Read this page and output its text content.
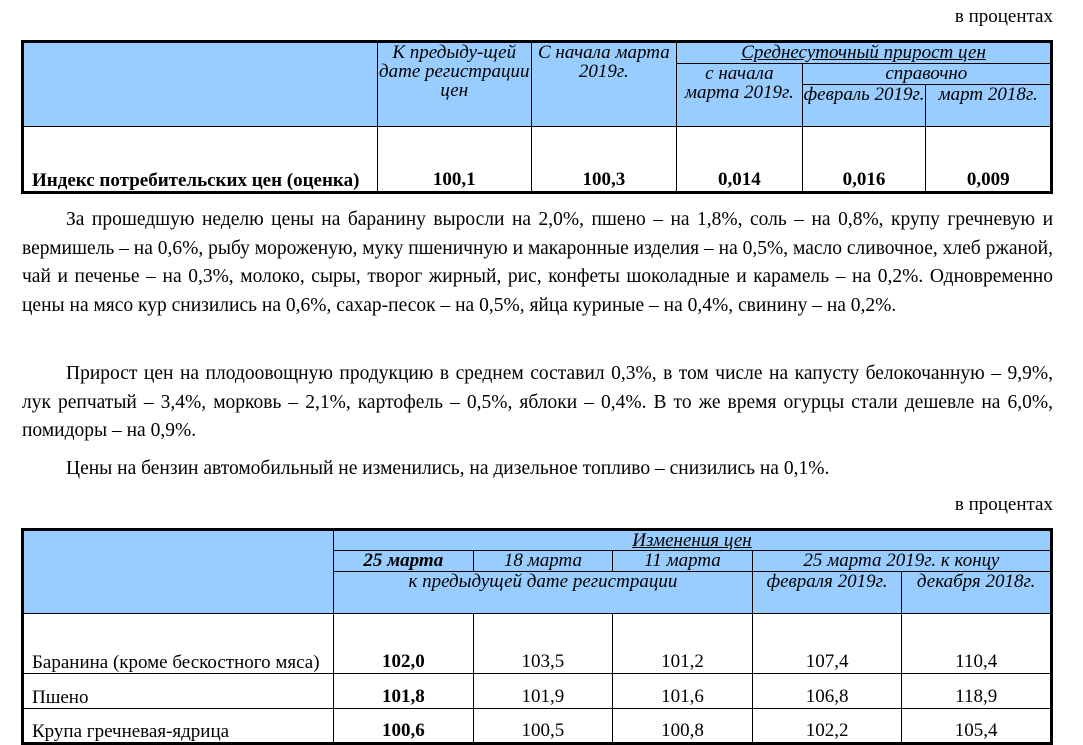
в процентах
	К предыду-щей дате регистрации цен	С начала марта 2019г.	Среднесуточный прирост цен		
			с начала марта 2019г.	справочно	
				февраль 2019г.	март 2018г.
Индекс потребительских цен (оценка)	100,1	100,3	0,014	0,016	0,009

За прошедшую неделю цены на баранину выросли на 2,0%, пшено – на 1,8%, соль – на 0,8%, крупу гречневую и вермишель – на 0,6%, рыбу мороженую, муку пшеничную и макаронные изделия – на 0,5%, масло сливочное, хлеб ржаной, чай и печенье – на 0,3%, молоко, сыры, творог жирный, рис, конфеты шоколадные и карамель – на 0,2%. Одновременно цены на мясо кур снизились на 0,6%, сахар-песок – на 0,5%, яйца куриные – на 0,4%, свинину – на 0,2%.

Прирост цен на плодоовощную продукцию в среднем составил 0,3%, в том числе на капусту белокочанную – 9,9%, лук репчатый – 3,4%, морковь – 2,1%, картофель – 0,5%, яблоки – 0,4%. В то же время огурцы стали дешевле на 6,0%, помидоры – на 0,9%.

Цены на бензин автомобильный не изменились, на дизельное топливо – снизились на 0,1%.

в процентах
	Изменения цен				
	25 марта	18 марта	11 марта	25 марта 2019г. к концу	
	к предыдущей дате регистрации			февраля 2019г.	декабря 2018г.
Баранина (кроме бескостного мяса)	102,0	103,5	101,2	107,4	110,4
Пшено	101,8	101,9	101,6	106,8	118,9
Крупа гречневая-ядрица	100,6	100,5	100,8	102,2	105,4
